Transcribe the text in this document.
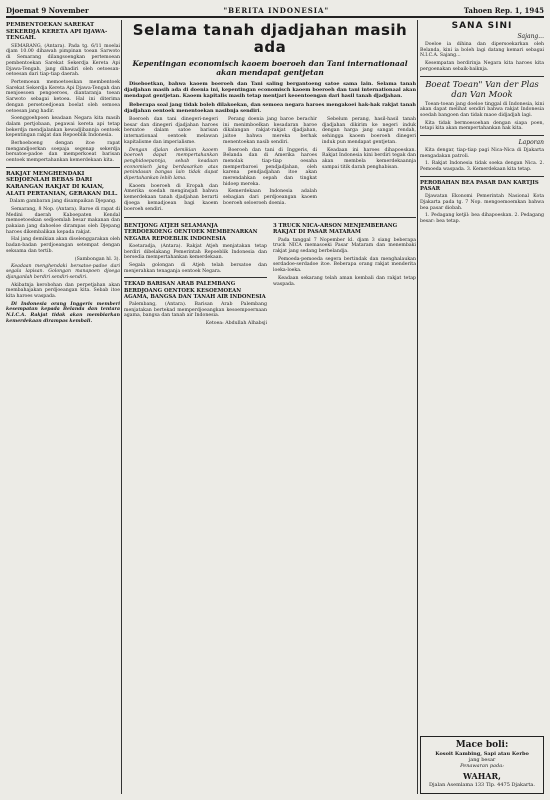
Djoemat 9 November	"BERITA INDONESIA"	Tahoen Rep. 1, 1945
PEMBENTOEKAN SAREKAT SEKERDJA KERETA API DJAWA-TENGAH.

SEMARANG, (Antara). Pada tg. 6/11 moelai djam 10.00 dihawah pimpinan toean Sarwoto di Semarang dilangsoengkan pertemoean pembentoekan Sarekat Sekerdja Kereta Api Djawa-Tengah, jang dihadiri oleh oetoesan-oetoesan dari tiap-tiap daerah.

Pertemoean memoetoeskan membentoek Sarekat Sekerdja Kereta Api Djawa-Tengah dan menjoesoen pengoeroes, diantaranja toean Sarwoto sebagai ketoea. Hal ini diterima dengan persetoedjoean boelat oleh semoea oetoesan jang hadir.

Soenggoehpoen keadaan Negara kita masih dalam pertjobaan, pegawai kereta api tetap bekerdja mendjalankan kewadjibannja oentoek kepentingan rakjat dan Repoeblik Indonesia.

Berhoeboeng dengan itoe rapat mengandjoerkan soepaja segenap sekerdja bersatoe-padoe dan memperkoeat barisan oentoek mempertahankan kemerdekaan kita.

RAKJAT MENGHENDAKI SEDJOENLAH BEBAS DARI KARANGAN RAKJAT DI KAIAN, ALATI PERTANIAN, GERAKAN DLL.

Dalam gambaran jang disampaikan Djepang.

Semarang, 8 Nop. (Antara). Baroe di rapat di Medini daerah Kaboepaten Kendal memoetoeskan sedjoemlah besar makanan dan pakaian jang dahoeloe dirampas oleh Djepang haroes dikembalikan kepada rakjat.

Hal jang demikian akan diselenggarakan oleh badan-badan perdjoeangan setempat dengan seksama dan tertib.

(Sambongan hl. 3).

Keadaan menghendaki bersatoe-padoe dari segala lapisan. Golongan manapoen djoega djanganlah berdiri sendiri-sendiri.

Akibatnja kerobohan dan perpetjahan akan membahajakan perdjoeangan kita. Sebab itoe kita haroes waspada.

Di Indonesia orang Inggeris memberi kesempatan kepada Belanda dan tentara N.I.C.A. Rakjat tidak akan membiarkan kemerdekaan dirampas kembali.

Selama tanah djadjahan masih ada
Kepentingan economisch kaoem boeroeh dan Tani internationaal akan mendapat gentjetan

Diseboetkan, bahwa kaoem boeroeh dan Tani saling bergantoeng satoe sama lain. Selama tanah djadjahan masih ada di doenia ini, kepentingan economisch kaoem boeroeh dan tani internationaal akan mendapat gentjetan. Kaoem kapitalis masih tetap mentjari keoentoengan dari hasil tanah djadjahan.

Beberapa soal jang tidak boleh dilakoekan, dan semoea negara haroes mengakoei hak-hak rakjat tanah djadjahan oentoek menentoekan nasibnja sendiri.

Boeroeh dan tani dinegeri-negeri besar dan dinegeri djadjahan haroes bersatoe dalam satoe barisan internationaal oentoek melawan kapitalisme dan imperialisme.

Dengan djalan demikian kaoem boeroeh dapat mempertahankan penghidoepannja, sebab keadaan economisch jang berdasarkan atas penindasan bangsa lain tidak dapat dipertahankan lebih lama.

Kaoem boeroeh di Eropah dan Amerika soedah menginsjafi bahwa kemerdekaan tanah djadjahan berarti djoega kemadjoean bagi kaoem boeroeh sendiri.

Perang doenia jang baroe berachir ini menimboelkan kesadaran baroe dikalangan rakjat-rakjat djadjahan, jaitoe bahwa mereka berhak menentoekan nasib sendiri.

Boeroeh dan tani di Inggeris, di Belanda dan di Amerika haroes menolak tiap-tiap oesaha memperbaroei pendjadjahan, oleh karena pendjadjahan itoe akan merendahkan oepah dan tingkat hidoep mereka.

Kemerdekaan Indonesia adalah sebagian dari perdjoeangan kaoem boeroeh seloeroeh doenia.

Sebelum perang, hasil-hasil tanah djadjahan dikirim ke negeri induk dengan harga jang sangat rendah, sehingga kaoem boeroeh dinegeri induk pun mendapat gentjetan.

Keadaan ini haroes dihapoeskan. Rakjat Indonesia kini berdiri tegak dan akan membela kemerdekaannja sampai titik darah penghabisan.

BENTJONG ATJEH SELAMANJA TERDOEKOENG OENTOEK MEMBENARKAN NEGARA REPOEBLIK INDONESIA

Koetaradja, (Antara). Rakjat Atjeh menjatakan tetap berdiri dibelakang Pemerintah Repoeblik Indonesia dan bersedia mempertahankan kemerdekaan.

Segala golongan di Atjeh telah bersatoe dan menjerahkan tenaganja oentoek Negara.

TEKAD BARISAN ARAB PALEMBANG BERDJOANG OENTOEK KESOEMOEAN AGAMA, BANGSA DAN TANAH AIR INDONESIA

Palembang, (Antara). Barisan Arab Palembang menjatakan bertekad memperdjoeangkan kesoempoernaan agama, bangsa dan tanah air Indonesia.

Ketoea: Abdullah Alhabsji

3 TRUCK NICA-ARSON MENJEMBERANG RAKJAT DI PASAR MATARAM

Pada tanggal 7 Nopember kl. djam 3 siang beberapa truck NICA memasoeki Pasar Mataram dan menembaki rakjat jang sedang berbelandja.

Pemoeda-pemoeda segera bertindak dan menghalaukan serdadoe-serdadoe itoe. Beberapa orang rakjat menderita loeka-loeka.

Keadaan sekarang telah aman kembali dan rakjat tetap waspada.

SANA SINI
Sajang...

Doeloe ia dihina dan dipersoekarkan oleh Belanda, kini ia boleh lagi datang kemari sebagai N.I.C.A. Sajang...

Kesempatan berdirinja Negara kita haroes kita pergoenakan sebaik-baiknja.

Boeat Toean" Van der Plas dan Van Mook

Toean-toean jang doeloe tinggal di Indonesia, kini akan dapat melihat sendiri bahwa rakjat Indonesia soedah bangoen dan tidak maoe didjadjah lagi.

Kita tidak bermoesoehan dengan siapa poen, tetapi kita akan mempertahankan hak kita.

Laporan

Kita dengar, tiap-tiap pagi Nica-Nica di Djakarta mengadakan patroli.

1. Rakjat Indonesia tidak soeka dengan Nica. 2. Pemoeda waspada. 3. Kemerdekaan kita tetap.

PEROBAHAN BEA PASAR DAN KARTJIS PASAR

Djawatan Ekonomi Pemerintah Nasional Kota Djakarta pada tg. 7 Nop. mengoemoemkan bahwa bea pasar diobah.

1. Pedagang ketjil: bea dihapoeskan. 2. Pedagang besar: bea tetap.

Mace boli:

Kosoit Kambing, Sapi atau Kerbo

jang besar

Penawaran pada:

WAHAR,

Djalan Asemlama 133 Tlp. 4475 Djakarta.
